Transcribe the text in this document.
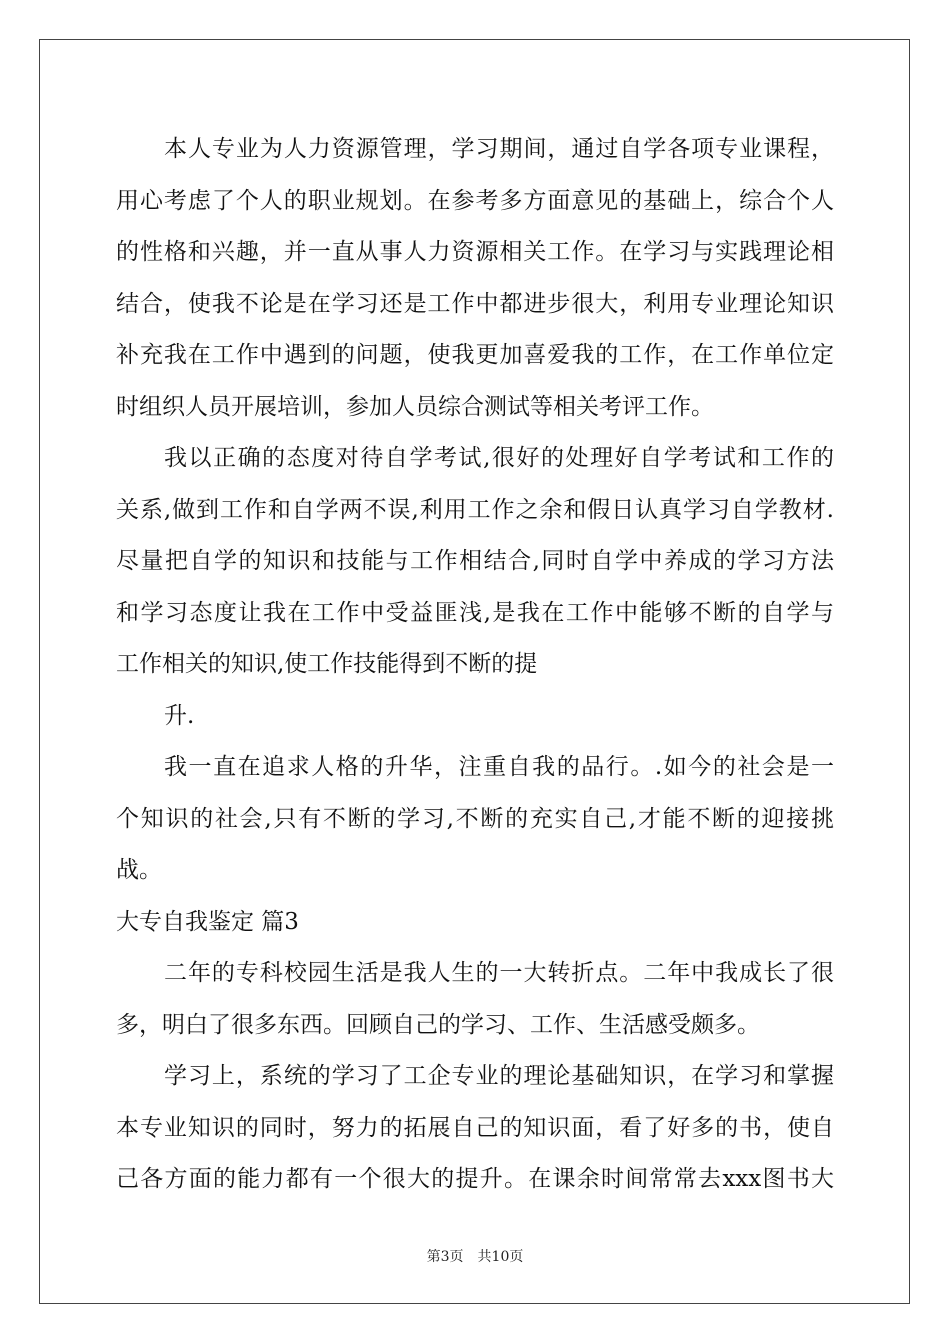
本人专业为人力资源管理，学习期间，通过自学各项专业课程，
用心考虑了个人的职业规划。在参考多方面意见的基础上，综合个人
的性格和兴趣，并一直从事人力资源相关工作。在学习与实践理论相
结合，使我不论是在学习还是工作中都进步很大，利用专业理论知识
补充我在工作中遇到的问题，使我更加喜爱我的工作，在工作单位定
时组织人员开展培训，参加人员综合测试等相关考评工作。
我以正确的态度对待自学考试,很好的处理好自学考试和工作的
关系,做到工作和自学两不误,利用工作之余和假日认真学习自学教材.
尽量把自学的知识和技能与工作相结合,同时自学中养成的学习方法
和学习态度让我在工作中受益匪浅,是我在工作中能够不断的自学与
工作相关的知识,使工作技能得到不断的提
升.
我一直在追求人格的升华，注重自我的品行。.如今的社会是一
个知识的社会,只有不断的学习,不断的充实自己,才能不断的迎接挑
战。
大专自我鉴定 篇3
二年的专科校园生活是我人生的一大转折点。二年中我成长了很
多，明白了很多东西。回顾自己的学习、工作、生活感受颇多。
学习上，系统的学习了工企专业的理论基础知识，在学习和掌握
本专业知识的同时，努力的拓展自己的知识面，看了好多的书，使自
己各方面的能力都有一个很大的提升。在课余时间常常去xxx图书大
第3页 共10页
